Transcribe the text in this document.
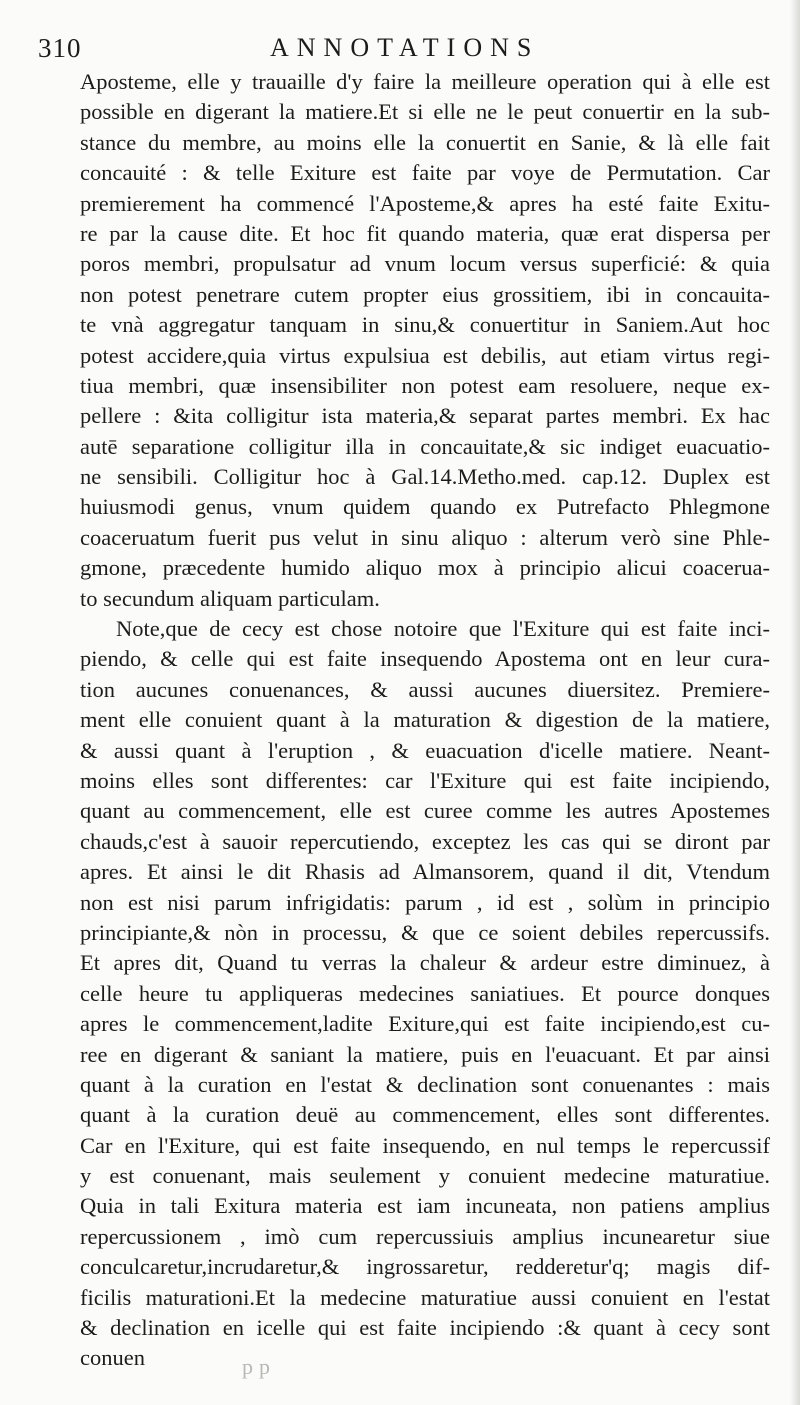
310	ANNOTATIONS
Aposteme, elle y trauaille d'y faire la meilleure operation qui à elle est
possible en digerant la matiere.Et si elle ne le peut conuertir en la sub-
stance du membre, au moins elle la conuertit en Sanie, & là elle fait
concauité : & telle Exiture est faite par voye de Permutation. Car
premierement ha commencé l'Aposteme,& apres ha esté faite Exitu-
re par la cause dite. Et hoc fit quando materia, quæ erat dispersa per
poros membri, propulsatur ad vnum locum versus superficié: & quia
non potest penetrare cutem propter eius grossitiem, ibi in concauita-
te vnà aggregatur tanquam in sinu,& conuertitur in Saniem.Aut hoc
potest accidere,quia virtus expulsiua est debilis, aut etiam virtus regi-
tiua membri, quæ insensibiliter non potest eam resoluere, neque ex-
pellere : &ita colligitur ista materia,& separat partes membri. Ex hac
autē separatione colligitur illa in concauitate,& sic indiget euacuatio-
ne sensibili. Colligitur hoc à Gal.14.Metho.med. cap.12. Duplex est
huiusmodi genus, vnum quidem quando ex Putrefacto Phlegmone
coaceruatum fuerit pus velut in sinu aliquo : alterum verò sine Phle-
gmone, præcedente humido aliquo mox à principio alicui coaceruа-
to secundum aliquam particulam.
Note,que de cecy est chose notoire que l'Exiture qui est faite inci-
piendo, & celle qui est faite insequendo Apostema ont en leur cura-
tion aucunes conuenances, & aussi aucunes diuersitez. Premiere-
ment elle conuient quant à la maturation & digestion de la matiere,
& aussi quant à l'eruption , & euacuation d'icelle matiere. Neant-
moins elles sont differentes: car l'Exiture qui est faite incipiendo,
quant au commencement, elle est curee comme les autres Apostemes
chauds,c'est à sauoir repercutiendo, exceptez les cas qui se diront par
apres. Et ainsi le dit Rhasis ad Almansorem, quand il dit, Vtendum
non est nisi parum infrigidatis: parum , id est , solùm in principio
principiante,& nòn in processu, & que ce soient debiles repercussifs.
Et apres dit, Quand tu verras la chaleur & ardeur estre diminuez, à
celle heure tu appliqueras medecines saniatiues. Et pource donques
apres le commencement,ladite Exiture,qui est faite incipiendo,est cu-
ree en digerant & saniant la matiere, puis en l'euacuant. Et par ainsi
quant à la curation en l'estat & declination sont conuenantes : mais
quant à la curation deuë au commencement, elles sont differentes.
Car en l'Exiture, qui est faite insequendo, en nul temps le repercussif
y est conuenant, mais seulement y conuient medecine maturatiue.
Quia in tali Exitura materia est iam incuneata, non patiens amplius
repercussionem , imò cum repercussiuis amplius incunearetur siue
conculcaretur,incrudaretur,& ingrossaretur, redderetur'q; magis dif-
ficilis maturationi.Et la medecine maturatiue aussi conuient en l'estat
& declination en icelle qui est faite incipiendo :& quant à cecy sont
conuen	pp
